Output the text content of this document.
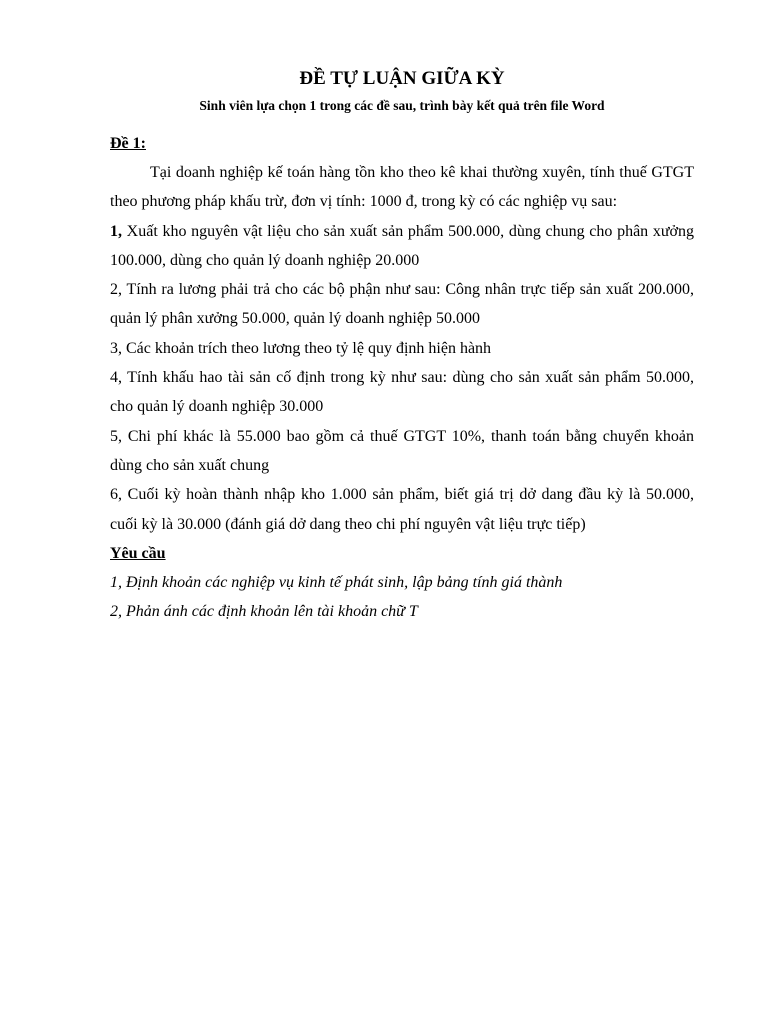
ĐỀ TỰ LUẬN GIỮA KỲ

Sinh viên lựa chọn 1 trong các đề sau, trình bày kết quả trên file Word

Đề 1:

Tại doanh nghiệp kế toán hàng tồn kho theo kê khai thường xuyên, tính thuế GTGT theo phương pháp khấu trừ, đơn vị tính: 1000 đ, trong kỳ có các nghiệp vụ sau:

1, Xuất kho nguyên vật liệu cho sản xuất sản phẩm 500.000, dùng chung cho phân xưởng 100.000, dùng cho quản lý doanh nghiệp 20.000

2, Tính ra lương phải trả cho các bộ phận như sau: Công nhân trực tiếp sản xuất 200.000, quản lý phân xưởng 50.000, quản lý doanh nghiệp 50.000

3, Các khoản trích theo lương theo tỷ lệ quy định hiện hành

4, Tính khấu hao tài sản cố định trong kỳ như sau: dùng cho sản xuất sản phẩm 50.000, cho quản lý doanh nghiệp 30.000

5, Chi phí khác là 55.000 bao gồm cả thuế GTGT 10%, thanh toán bằng chuyển khoản dùng cho sản xuất chung

6, Cuối kỳ hoàn thành nhập kho 1.000 sản phẩm, biết giá trị dở dang đầu kỳ là 50.000, cuối kỳ là 30.000 (đánh giá dở dang theo chi phí nguyên vật liệu trực tiếp)

Yêu cầu

1, Định khoản các nghiệp vụ kinh tế phát sinh, lập bảng tính giá thành

2, Phản ánh các định khoản lên tài khoản chữ T
